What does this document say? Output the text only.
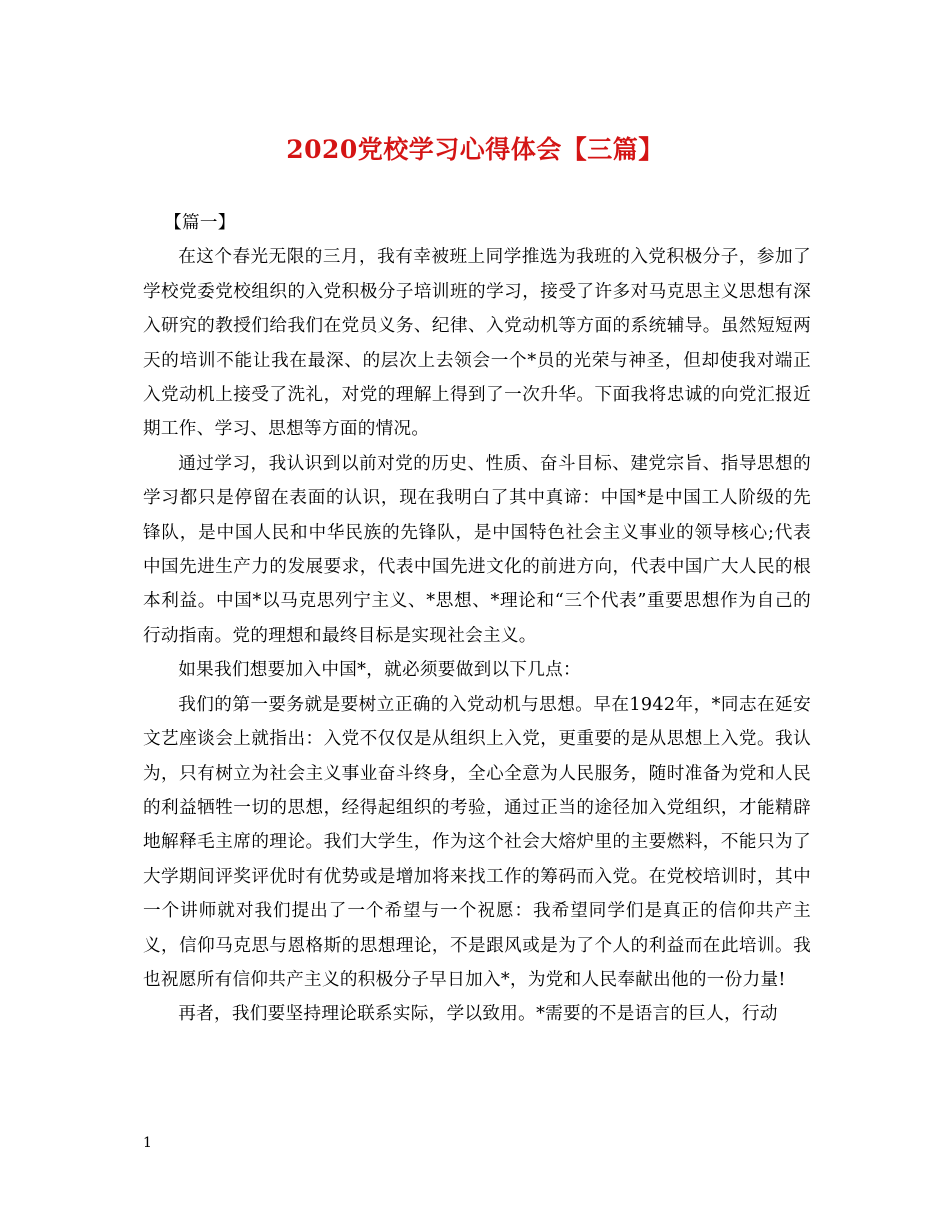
2020党校学习心得体会【三篇】

【篇一】

在这个春光无限的三月，我有幸被班上同学推选为我班的入党积极分子，参加了学校党委党校组织的入党积极分子培训班的学习，接受了许多对马克思主义思想有深入研究的教授们给我们在党员义务、纪律、入党动机等方面的系统辅导。虽然短短两天的培训不能让我在最深、的层次上去领会一个*员的光荣与神圣，但却使我对端正入党动机上接受了洗礼，对党的理解上得到了一次升华。下面我将忠诚的向党汇报近期工作、学习、思想等方面的情况。

通过学习，我认识到以前对党的历史、性质、奋斗目标、建党宗旨、指导思想的学习都只是停留在表面的认识，现在我明白了其中真谛：中国*是中国工人阶级的先锋队，是中国人民和中华民族的先锋队，是中国特色社会主义事业的领导核心;代表中国先进生产力的发展要求，代表中国先进文化的前进方向，代表中国广大人民的根本利益。中国*以马克思列宁主义、*思想、*理论和“三个代表”重要思想作为自己的行动指南。党的理想和最终目标是实现社会主义。

如果我们想要加入中国*，就必须要做到以下几点：

我们的第一要务就是要树立正确的入党动机与思想。早在1942年，*同志在延安文艺座谈会上就指出：入党不仅仅是从组织上入党，更重要的是从思想上入党。我认为，只有树立为社会主义事业奋斗终身，全心全意为人民服务，随时准备为党和人民的利益牺牲一切的思想，经得起组织的考验，通过正当的途径加入党组织，才能精辟地解释毛主席的理论。我们大学生，作为这个社会大熔炉里的主要燃料，不能只为了大学期间评奖评优时有优势或是增加将来找工作的筹码而入党。在党校培训时，其中一个讲师就对我们提出了一个希望与一个祝愿：我希望同学们是真正的信仰共产主义，信仰马克思与恩格斯的思想理论，不是跟风或是为了个人的利益而在此培训。我也祝愿所有信仰共产主义的积极分子早日加入*，为党和人民奉献出他的一份力量!

再者，我们要坚持理论联系实际，学以致用。*需要的不是语言的巨人，行动

1
